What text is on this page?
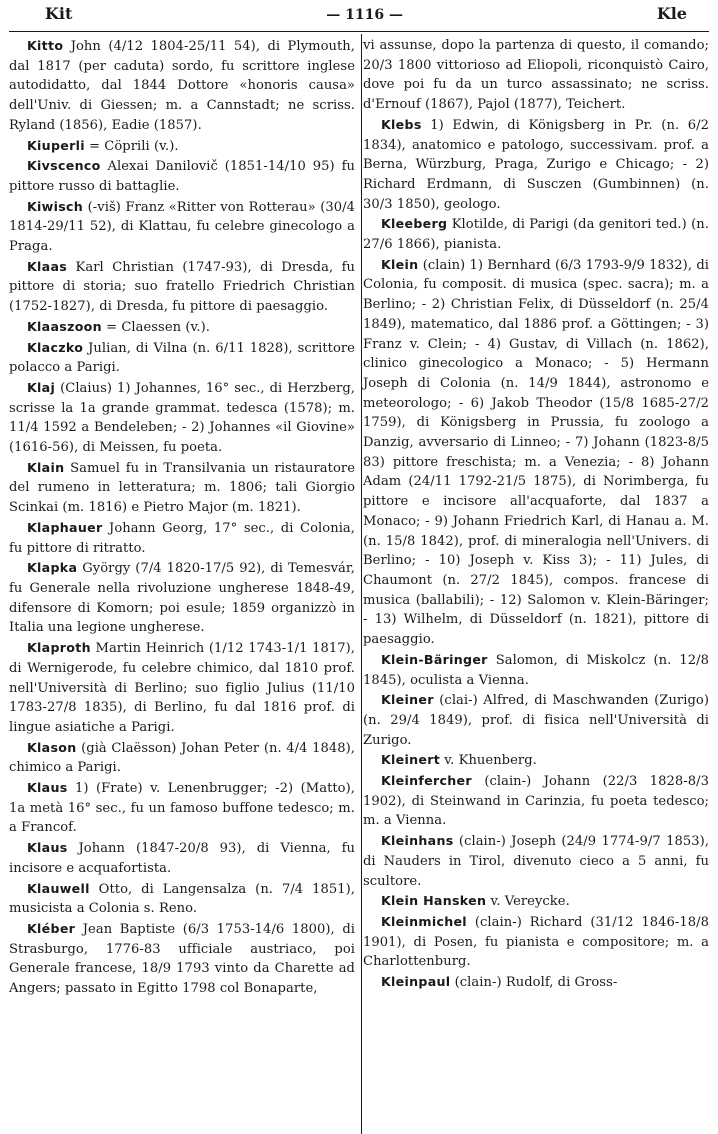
Kit	— 1116 —	Kle

Kitto John (4/12 1804-25/11 54), di Plymouth, dal 1817 (per caduta) sordo, fu scrittore inglese autodidatto, dal 1844 Dottore «honoris causa» dell'Univ. di Giessen; m. a Cannstadt; ne scriss. Ryland (1856), Eadie (1857).

Kiuperli = Cöprili (v.).

Kivscenco Alexai Danilovič (1851-14/10 95) fu pittore russo di battaglie.

Kiwisch (-viš) Franz «Ritter von Rotterau» (30/4 1814-29/11 52), di Klattau, fu celebre ginecologo a Praga.

Klaas Karl Christian (1747-93), di Dresda, fu pittore di storia; suo fratello Friedrich Christian (1752-1827), di Dresda, fu pittore di paesaggio.

Klaaszoon = Claessen (v.).

Klaczko Julian, di Vilna (n. 6/11 1828), scrittore polacco a Parigi.

Klaj (Claius) 1) Johannes, 16° sec., di Herzberg, scrisse la 1a grande grammat. tedesca (1578); m. 11/4 1592 a Bendeleben; - 2) Johannes «il Giovine» (1616-56), di Meissen, fu poeta.

Klain Samuel fu in Transilvania un ristauratore del rumeno in letteratura; m. 1806; tali Giorgio Scinkai (m. 1816) e Pietro Major (m. 1821).

Klaphauer Johann Georg, 17° sec., di Colonia, fu pittore di ritratto.

Klapka György (7/4 1820-17/5 92), di Temesvár, fu Generale nella rivoluzione ungherese 1848-49, difensore di Komorn; poi esule; 1859 organizzò in Italia una legione ungherese.

Klaproth Martin Heinrich (1/12 1743-1/1 1817), di Wernigerode, fu celebre chimico, dal 1810 prof. nell'Università di Berlino; suo figlio Julius (11/10 1783-27/8 1835), di Berlino, fu dal 1816 prof. di lingue asiatiche a Parigi.

Klason (già Claësson) Johan Peter (n. 4/4 1848), chimico a Parigi.

Klaus 1) (Frate) v. Lenenbrugger; -2) (Matto), 1a metà 16° sec., fu un famoso buffone tedesco; m. a Francof.

Klaus Johann (1847-20/8 93), di Vienna, fu incisore e acquafortista.

Klauwell Otto, di Langensalza (n. 7/4 1851), musicista a Colonia s. Reno.

Kléber Jean Baptiste (6/3 1753-14/6 1800), di Strasburgo, 1776-83 ufficiale austriaco, poi Generale francese, 18/9 1793 vinto da Charette ad Angers; passato in Egitto 1798 col Bonaparte,

vi assunse, dopo la partenza di questo, il comando; 20/3 1800 vittorioso ad Eliopoli, riconquistò Cairo, dove poi fu da un turco assassinato; ne scriss. d'Ernouf (1867), Pajol (1877), Teichert.

Klebs 1) Edwin, di Königsberg in Pr. (n. 6/2 1834), anatomico e patologo, successivam. prof. a Berna, Würzburg, Praga, Zurigo e Chicago; - 2) Richard Erdmann, di Susczen (Gumbinnen) (n. 30/3 1850), geologo.

Kleeberg Klotilde, di Parigi (da genitori ted.) (n. 27/6 1866), pianista.

Klein (clain) 1) Bernhard (6/3 1793-9/9 1832), di Colonia, fu composit. di musica (spec. sacra); m. a Berlino; - 2) Christian Felix, di Düsseldorf (n. 25/4 1849), matematico, dal 1886 prof. a Göttingen; - 3) Franz v. Clein; - 4) Gustav, di Villach (n. 1862), clinico ginecologico a Monaco; - 5) Hermann Joseph di Colonia (n. 14/9 1844), astronomo e meteorologo; - 6) Jakob Theodor (15/8 1685-27/2 1759), di Königsberg in Prussia, fu zoologo a Danzig, avversario di Linneo; - 7) Johann (1823-8/5 83) pittore freschista; m. a Venezia; - 8) Johann Adam (24/11 1792-21/5 1875), di Norimberga, fu pittore e incisore all'acquaforte, dal 1837 a Monaco; - 9) Johann Friedrich Karl, di Hanau a. M. (n. 15/8 1842), prof. di mineralogia nell'Univers. di Berlino; - 10) Joseph v. Kiss 3); - 11) Jules, di Chaumont (n. 27/2 1845), compos. francese di musica (ballabili); - 12) Salomon v. Klein-Bäringer; - 13) Wilhelm, di Düsseldorf (n. 1821), pittore di paesaggio.

Klein-Bäringer Salomon, di Miskolcz (n. 12/8 1845), oculista a Vienna.

Kleiner (clai-) Alfred, di Maschwanden (Zurigo) (n. 29/4 1849), prof. di fisica nell'Università di Zurigo.

Kleinert v. Khuenberg.

Kleinfercher (clain-) Johann (22/3 1828-8/3 1902), di Steinwand in Carinzia, fu poeta tedesco; m. a Vienna.

Kleinhans (clain-) Joseph (24/9 1774-9/7 1853), di Nauders in Tirol, divenuto cieco a 5 anni, fu scultore.

Klein Hansken v. Vereycke.

Kleinmichel (clain-) Richard (31/12 1846-18/8 1901), di Posen, fu pianista e compositore; m. a Charlottenburg.

Kleinpaul (clain-) Rudolf, di Gross-
